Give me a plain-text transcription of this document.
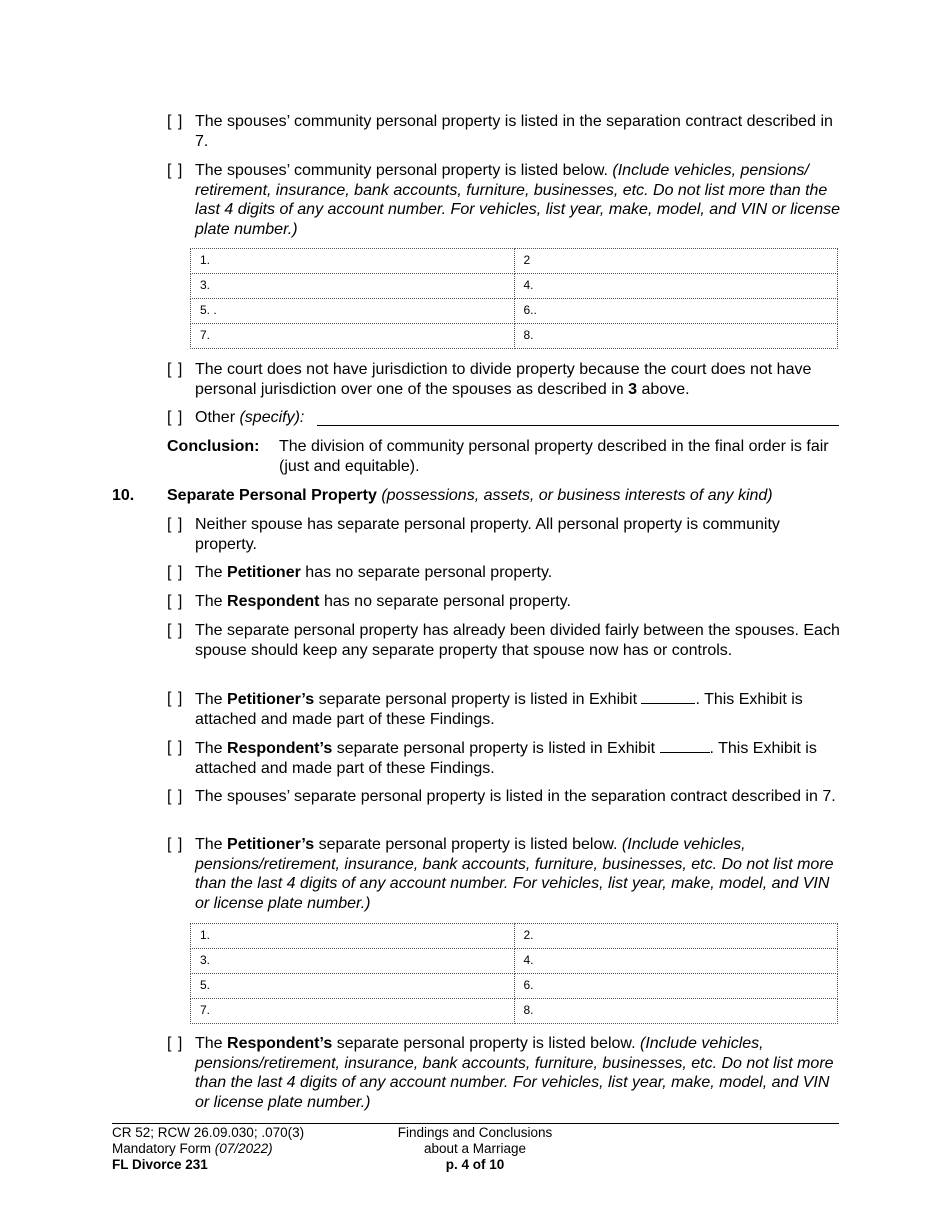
[ ] The spouses’ community personal property is listed in the separation contract described in 7.
[ ] The spouses’ community personal property is listed below. (Include vehicles, pensions/ retirement, insurance, bank accounts, furniture, businesses, etc. Do not list more than the last 4 digits of any account number. For vehicles, list year, make, model, and VIN or license plate number.)
1.	2
3.	4.
5. .	6..
7.	8.
[ ] The court does not have jurisdiction to divide property because the court does not have personal jurisdiction over one of the spouses as described in 3 above.
[ ] Other (specify):
Conclusion: The division of community personal property described in the final order is fair (just and equitable).
10. Separate Personal Property (possessions, assets, or business interests of any kind)
[ ] Neither spouse has separate personal property. All personal property is community property.
[ ] The Petitioner has no separate personal property.
[ ] The Respondent has no separate personal property.
[ ] The separate personal property has already been divided fairly between the spouses. Each spouse should keep any separate property that spouse now has or controls.
[ ] The Petitioner’s separate personal property is listed in Exhibit	. This Exhibit is attached and made part of these Findings.
[ ] The Respondent’s separate personal property is listed in Exhibit	. This Exhibit is attached and made part of these Findings.
[ ] The spouses’ separate personal property is listed in the separation contract described in 7.
[ ] The Petitioner’s separate personal property is listed below. (Include vehicles, pensions/retirement, insurance, bank accounts, furniture, businesses, etc. Do not list more than the last 4 digits of any account number. For vehicles, list year, make, model, and VIN or license plate number.)
1.	2.
3.	4.
5.	6.
7.	8.
[ ] The Respondent’s separate personal property is listed below. (Include vehicles, pensions/retirement, insurance, bank accounts, furniture, businesses, etc. Do not list more than the last 4 digits of any account number. For vehicles, list year, make, model, and VIN or license plate number.)
CR 52; RCW 26.09.030; .070(3)
Mandatory Form (07/2022)
FL Divorce 231
Findings and Conclusions
about a Marriage
p. 4 of 10
